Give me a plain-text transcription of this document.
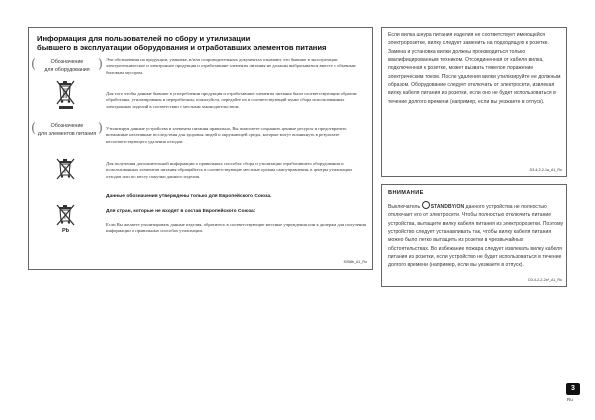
Информация для пользователей по сбору и утилизации
бывшего в эксплуатации оборудования и отработавших элементов питания
(	Обозначение
для оборудования )
(	Обозначение
для элементов питания )
Pb
Эти обозначения на продукции, упаковке, и/или сопроводительных документах означают, что бывшие в эксплуатации электротехническое и электронное продукция и отработавшие элементы питания не должны выбрасываться вместе с обычным бытовым мусором.
Для того чтобы данные бывшие в употреблении продукция и отработавшие элементы питания были соответствующим образом обработаны, утилизированы и переработаны, пожалуйста, передайте их в соответствующий пункт сбора использованных электронных изделий в соответствии с местным законодательством.
Утилизируя данные устройства и элементы питания правильно, Вы помогаете сохранить ценные ресурсы и предотвратить возможные негативные последствия для здоровья людей и окружающей среды, которые могут возникнуть в результате несоответствующего удаления отходов.
Для получения дополнительной информации о правильных способах сбора и утилизации отработавшего оборудования и использованных элементов питания обращайтесь в соответствующие местные органы самоуправления, в центры утилизации отходов или по месту покупки данного изделия.
Данные обозначения утверждены только для Европейского Союза.
Для стран, которые не входят в состав Европейского Союза:
Если Вы желаете утилизировать данные изделия, обратитесь в соответствующие местные учреждения или к дилерам для получения информации о правильных способах утилизации.
K058b_A1_Ru
Если вилка шнура питания изделия не соответствует имеющейся электророзетке, вилку следует заменить на подходящую к розетке. Замена и установка вилки должны производиться только квалифицированным техником. Отсоединенная от кабеля вилка, подключенная к розетке, может вызвать тяжелое поражение электрическим током. После удаления вилки утилизируйте ее должным образом. Оборудование следует отключать от электросети, извлекая вилку кабеля питания из розетки, если оно не будет использоваться в течение долгого времени (например, если вы уезжаете в отпуск).
D3-4-2-2-1a_A1_Ru
ВНИМАНИЕ
Выключатель STANDBY/ON данного устройства не полностью отключает его от электросети. Чтобы полностью отключить питание устройства, вытащите вилку кабеля питания из электророзетки. Поэтому устройство следует устанавливать так, чтобы вилку кабеля питания можно было легко вытащить из розетки в чрезвычайных обстоятельствах. Во избежание пожара следует извлекать вилку кабеля питания из розетки, если устройство не будет использоваться в течение долгого времени (например, если вы уезжаете в отпуск).
D3-4-2-2-2a*_A1_Ru
3
Ru
